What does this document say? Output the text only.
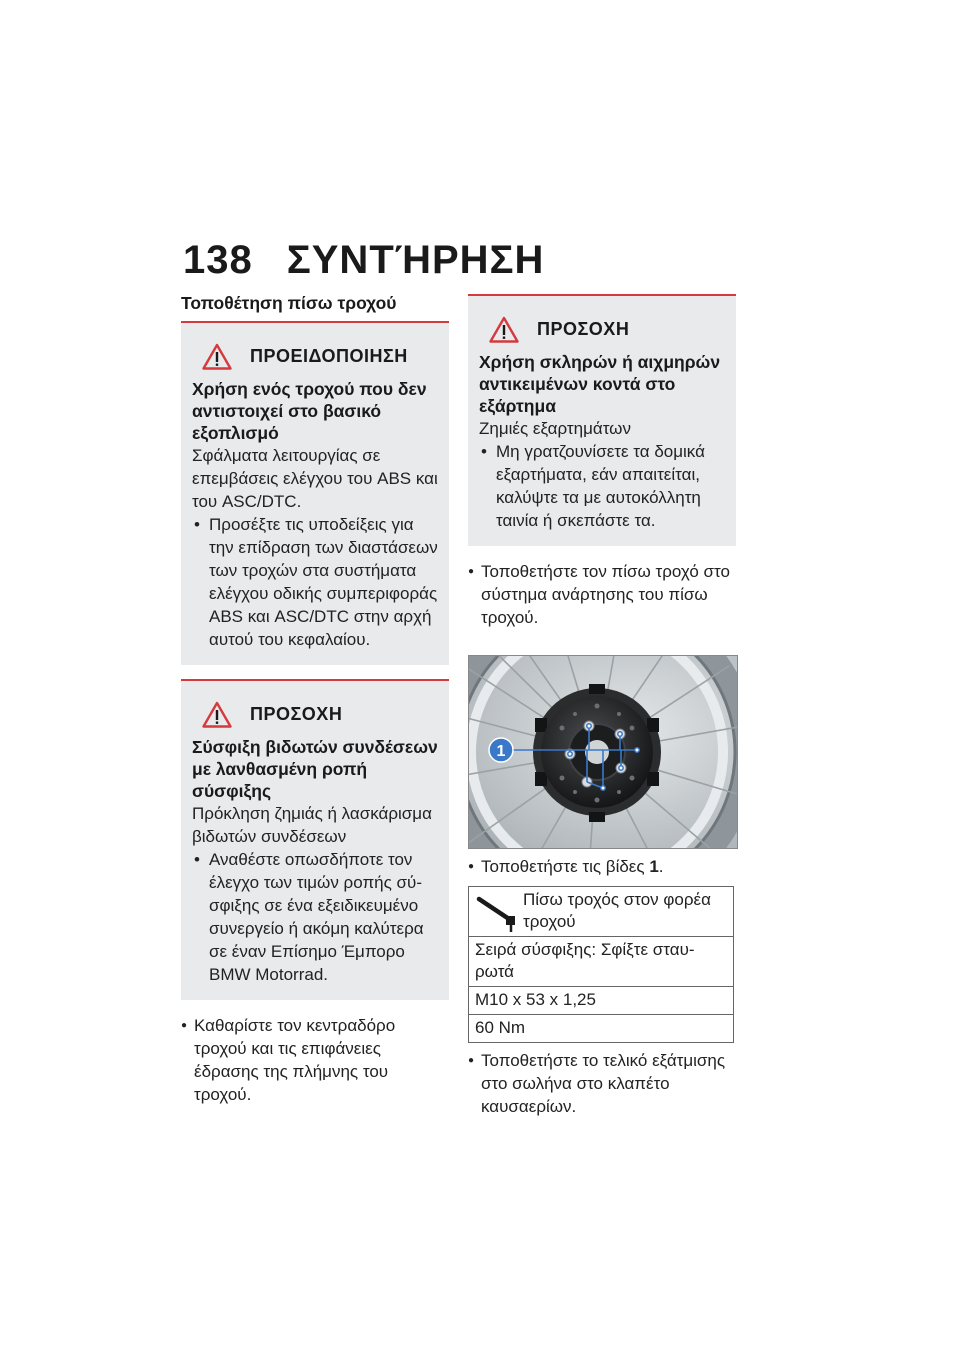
138 ΣΥΝΤΉΡΗΣΗ
Τοποθέτηση πίσω τροχού
ΠΡΟΕΙΔΟΠΟΙΗΣΗ
Χρήση ενός τροχού που δεν αντιστοιχεί στο βασικό εξοπλισμό
Σφάλματα λειτουργίας σε επεμβάσεις ελέγχου του ABS και του ASC/DTC.
• Προσέξτε τις υποδείξεις για την επίδραση των διαστάσεων των τροχών στα συστήματα ελέγχου οδικής συμπεριφοράς ABS και ASC/DTC στην αρχή αυτού του κεφαλαίου.
ΠΡΟΣΟΧΗ
Σύσφιξη βιδωτών συνδέσεων με λανθασμένη ροπή σύσφιξης
Πρόκληση ζημιάς ή λασκάρισμα βιδωτών συνδέσεων
• Αναθέστε οπωσδήποτε τον έλεγχο των τιμών ροπής σύσφιξης σε ένα εξειδικευμένο συνεργείο ή ακόμη καλύτερα σε έναν Επίσημο Έμπορο BMW Motorrad.
● Καθαρίστε τον κεντραδόρο τροχού και τις επιφάνειες έδρασης της πλήμνης του τροχού.
ΠΡΟΣΟΧΗ
Χρήση σκληρών ή αιχμηρών αντικειμένων κοντά στο εξάρτημα
Ζημιές εξαρτημάτων
• Μη γρατζουνίσετε τα δομικά εξαρτήματα, εάν απαιτείται, καλύψτε τα με αυτοκόλλητη ταινία ή σκεπάστε τα.
● Τοποθετήστε τον πίσω τροχό στο σύστημα ανάρτησης του πίσω τροχού.
1
● Τοποθετήστε τις βίδες 1.
Πίσω τροχός στον φορέα τροχού

Σειρά σύσφιξης: Σφίξτε σταυρωτά
M10 x 53 x 1,25
60 Nm
● Τοποθετήστε το τελικό εξάτμισης στο σωλήνα στο κλαπέτο καυσαερίων.
